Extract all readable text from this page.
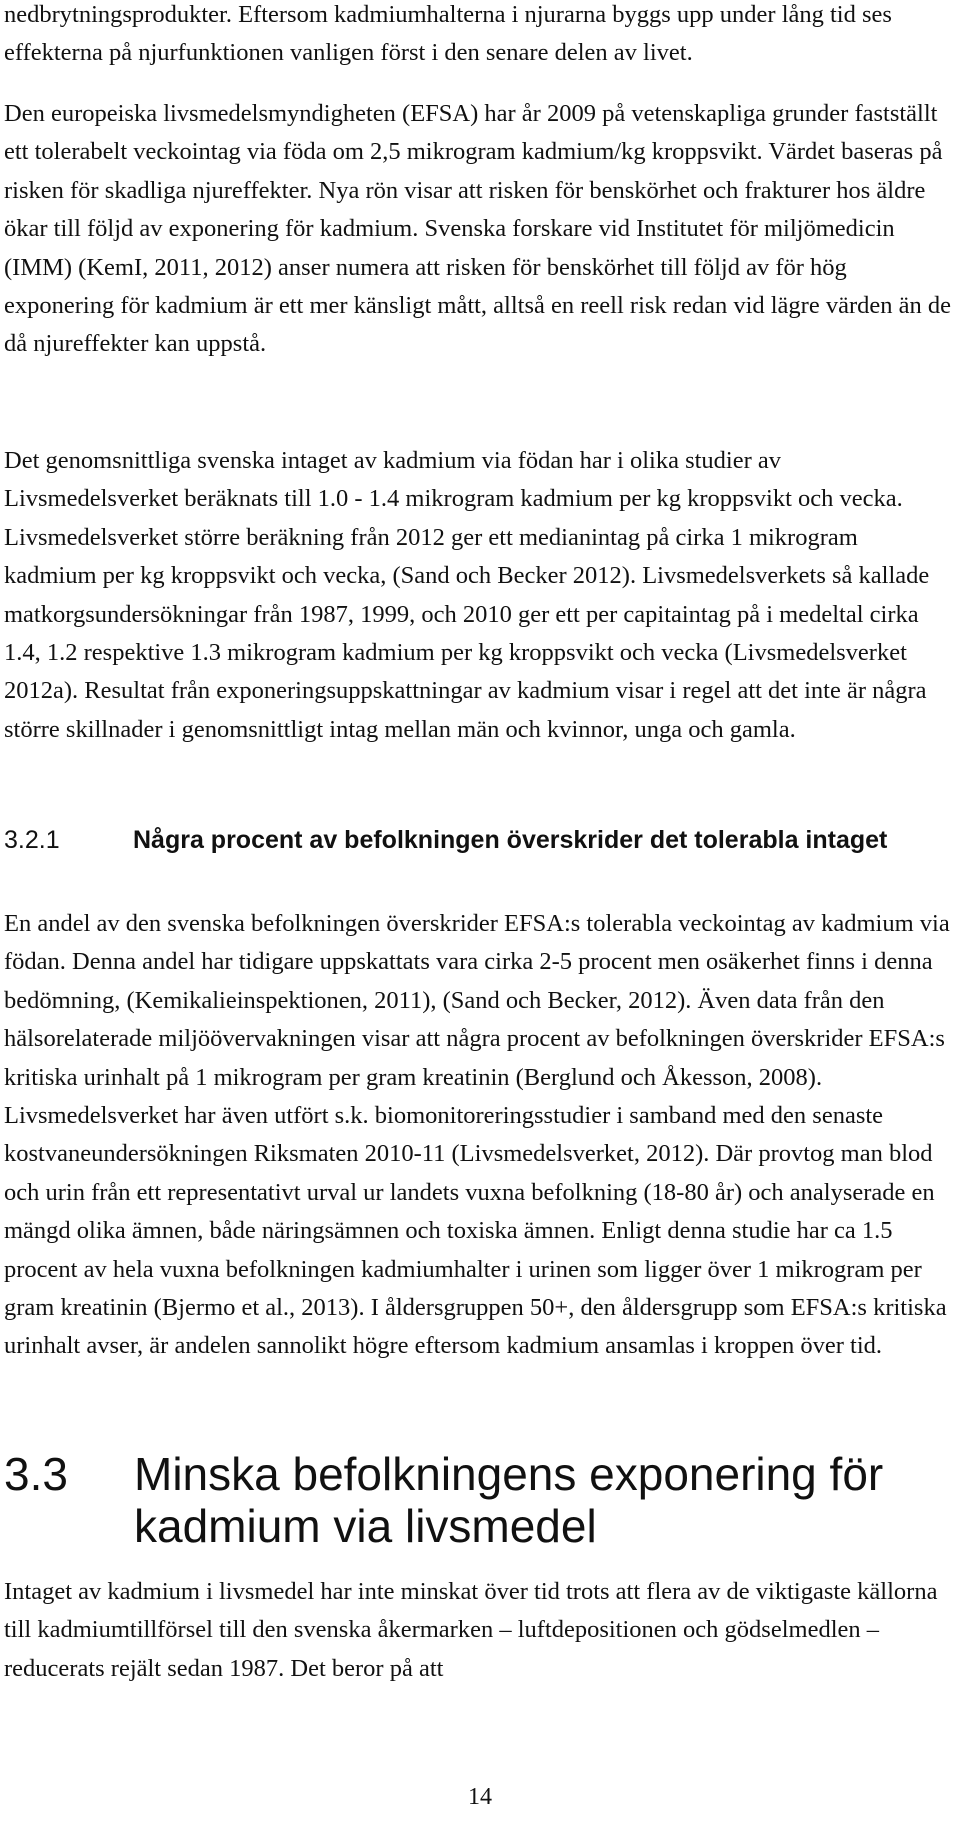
nedbrytningsprodukter. Eftersom kadmiumhalterna i njurarna byggs upp under lång tid ses effekterna på njurfunktionen vanligen först i den senare delen av livet.

Den europeiska livsmedelsmyndigheten (EFSA) har år 2009 på vetenskapliga grunder fastställt ett tolerabelt veckointag via föda om 2,5 mikrogram kadmium/kg kroppsvikt. Värdet baseras på risken för skadliga njureffekter. Nya rön visar att risken för benskörhet och frakturer hos äldre ökar till följd av exponering för kadmium. Svenska forskare vid Institutet för miljömedicin (IMM) (KemI, 2011, 2012) anser numera att risken för benskörhet till följd av för hög exponering för kadmium är ett mer känsligt mått, alltså en reell risk redan vid lägre värden än de då njureffekter kan uppstå.

Det genomsnittliga svenska intaget av kadmium via födan har i olika studier av Livsmedelsverket beräknats till 1.0 - 1.4 mikrogram kadmium per kg kroppsvikt och vecka. Livsmedelsverket större beräkning från 2012 ger ett medianintag på cirka 1 mikrogram kadmium per kg kroppsvikt och vecka, (Sand och Becker 2012). Livsmedelsverkets så kallade matkorgsundersökningar från 1987, 1999, och 2010 ger ett per capitaintag på i medeltal cirka 1.4, 1.2 respektive 1.3 mikrogram kadmium per kg kroppsvikt och vecka (Livsmedelsverket 2012a). Resultat från exponeringsuppskattningar av kadmium visar i regel att det inte är några större skillnader i genomsnittligt intag mellan män och kvinnor, unga och gamla.

3.2.1	Några procent av befolkningen överskrider det tolerabla intaget

En andel av den svenska befolkningen överskrider EFSA:s tolerabla veckointag av kadmium via födan. Denna andel har tidigare uppskattats vara cirka 2-5 procent men osäkerhet finns i denna bedömning, (Kemikalieinspektionen, 2011), (Sand och Becker, 2012). Även data från den hälsorelaterade miljöövervakningen visar att några procent av befolkningen överskrider EFSA:s kritiska urinhalt på 1 mikrogram per gram kreatinin (Berglund och Åkesson, 2008). Livsmedelsverket har även utfört s.k. biomonitoreringsstudier i samband med den senaste kostvaneundersökningen Riksmaten 2010-11 (Livsmedelsverket, 2012). Där provtog man blod och urin från ett representativt urval ur landets vuxna befolkning (18-80 år) och analyserade en mängd olika ämnen, både näringsämnen och toxiska ämnen. Enligt denna studie har ca 1.5 procent av hela vuxna befolkningen kadmiumhalter i urinen som ligger över 1 mikrogram per gram kreatinin (Bjermo et al., 2013). I åldersgruppen 50+, den åldersgrupp som EFSA:s kritiska urinhalt avser, är andelen sannolikt högre eftersom kadmium ansamlas i kroppen över tid.

3.3 Minska befolkningens exponering för kadmium via livsmedel

Intaget av kadmium i livsmedel har inte minskat över tid trots att flera av de viktigaste källorna till kadmiumtillförsel till den svenska åkermarken – luftdepositionen och gödselmedlen – reducerats rejält sedan 1987. Det beror på att

14
